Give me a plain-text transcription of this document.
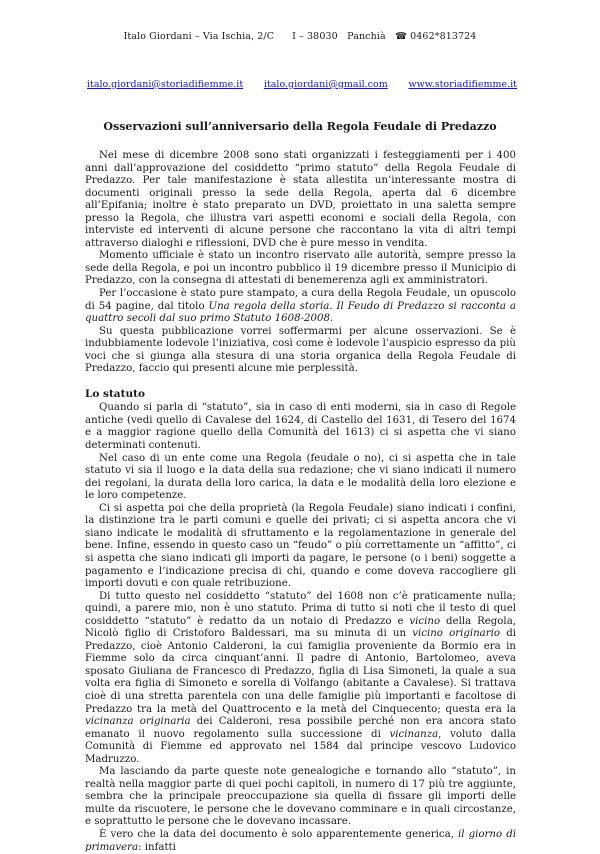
Italo Giordani – Via Ischia, 2/C I – 38030 Panchià ☎ 0462*813724
italo.giordani@storiadifiemme.it italo.giordani@gmail.com www.storiadifiemme.it
Osservazioni sull’anniversario della Regola Feudale di Predazzo

Nel mese di dicembre 2008 sono stati organizzati i festeggiamenti per i 400 anni dall’approvazione del cosiddetto “primo statuto” della Regola Feudale di Predazzo. Per tale manifestazione è stata allestita un’interessante mostra di documenti originali presso la sede della Regola, aperta dal 6 dicembre all’Epifania; inoltre è stato preparato un DVD, proiettato in una saletta sempre presso la Regola, che illustra vari aspetti economi e sociali della Regola, con interviste ed interventi di alcune persone che raccontano la vita di altri tempi attraverso dialoghi e riflessioni, DVD che è pure messo in vendita.

Momento ufficiale è stato un incontro riservato alle autorità, sempre presso la sede della Regola, e poi un incontro pubblico il 19 dicembre presso il Municipio di Predazzo, con la consegna di attestati di benemerenza agli ex amministratori.

Per l’occasione è stato pure stampato, a cura della Regola Feudale, un opuscolo di 54 pagine, dal titolo Una regola della storia. Il Feudo di Predazzo si racconta a quattro secoli dal suo primo Statuto 1608-2008.

Su questa pubblicazione vorrei soffermarmi per alcune osservazioni. Se è indubbiamente lodevole l’iniziativa, così come è lodevole l’auspicio espresso da più voci che si giunga alla stesura di una storia organica della Regola Feudale di Predazzo, faccio qui presenti alcune mie perplessità.

Lo statuto

Quando si parla di “statuto”, sia in caso di enti moderni, sia in caso di Regole antiche (vedi quello di Cavalese del 1624, di Castello del 1631, di Tesero del 1674 e a maggior ragione quello della Comunità del 1613) ci si aspetta che vi siano determinati contenuti.

Nel caso di un ente come una Regola (feudale o no), ci si aspetta che in tale statuto vi sia il luogo e la data della sua redazione; che vi siano indicati il numero dei regolani, la durata della loro carica, la data e le modalità della loro elezione e le loro competenze.

Ci si aspetta poi che della proprietà (la Regola Feudale) siano indicati i confini, la distinzione tra le parti comuni e quelle dei privati; ci si aspetta ancora che vi siano indicate le modalità di sfruttamento e la regolamentazione in generale del bene. Infine, essendo in questo caso un “feudo” o più correttamente un “affitto”, ci si aspetta che siano indicati gli importi da pagare, le persone (o i beni) soggette a pagamento e l’indicazione precisa di chi, quando e come doveva raccogliere gli importi dovuti e con quale retribuzione.

Di tutto questo nel cosiddetto “statuto” del 1608 non c’è praticamente nulla; quindi, a parere mio, non è uno statuto. Prima di tutto si noti che il testo di quel cosiddetto “statuto” è redatto da un notaio di Predazzo e vicino della Regola, Nicolò figlio di Cristoforo Baldessari, ma su minuta di un vicino originario di Predazzo, cioè Antonio Calderoni, la cui famiglia proveniente da Bormio era in Fiemme solo da circa cinquant’anni. Il padre di Antonio, Bartolomeo, aveva sposato Giuliana de Francesco di Predazzo, figlia di Lisa Simoneti, la quale a sua volta era figlia di Simoneto e sorella di Volfango (abitante a Cavalese). Si trattava cioè di una stretta parentela con una delle famiglie più importanti e facoltose di Predazzo tra la metà del Quattrocento e la metà del Cinquecento; questa era la vicinanza originaria dei Calderoni, resa possibile perché non era ancora stato emanato il nuovo regolamento sulla successione di vicinanza, voluto dalla Comunità di Fiemme ed approvato nel 1584 dal principe vescovo Ludovico Madruzzo.

Ma lasciando da parte queste note genealogiche e tornando allo “statuto”, in realtà nella maggior parte di quei pochi capitoli, in numero di 17 più tre aggiunte, sembra che la principale preoccupazione sia quella di fissare gli importi delle multe da riscuotere, le persone che le dovevano comminare e in quali circostanze, e soprattutto le persone che le dovevano incassare.

È vero che la data del documento è solo apparentemente generica, il giorno di primavera: infatti
